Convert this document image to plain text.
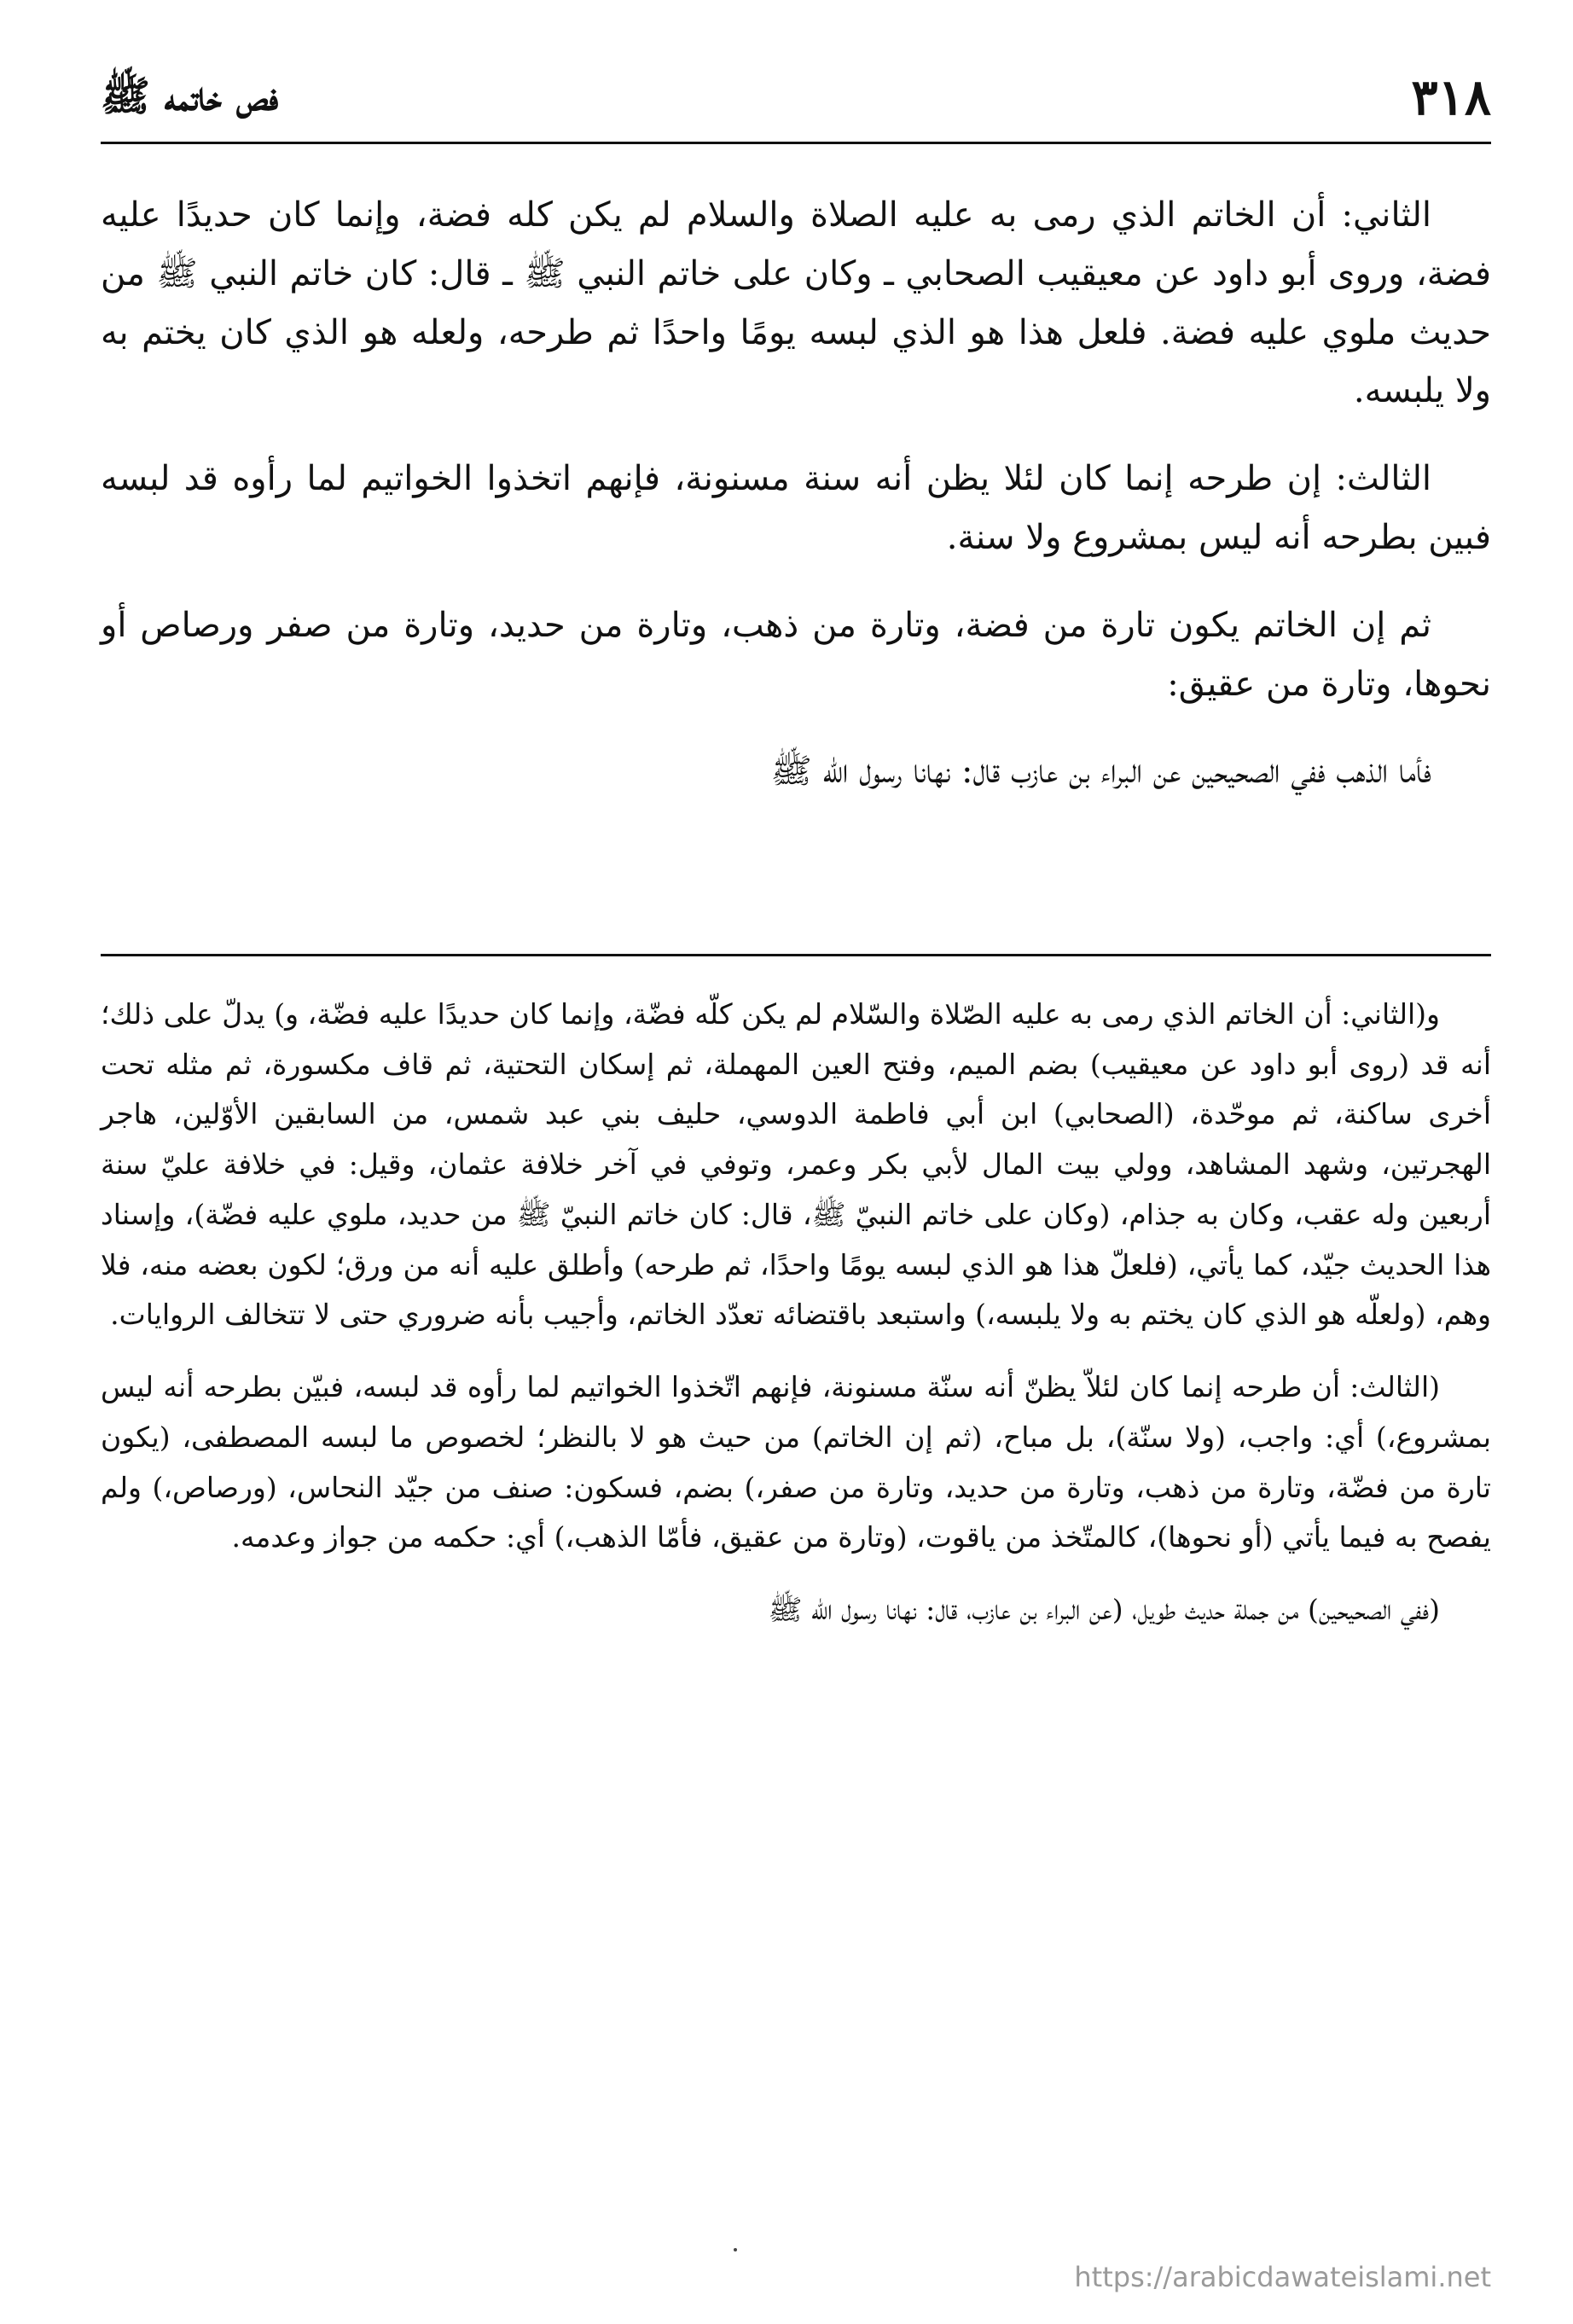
٣١٨
فص خاتمه ﷺ

الثاني: أن الخاتم الذي رمى به عليه الصلاة والسلام لم يكن كله فضة، وإنما كان حديدًا عليه فضة، وروى أبو داود عن معيقيب الصحابي ـ وكان على خاتم النبي ﷺ ـ قال: كان خاتم النبي ﷺ من حديث ملوي عليه فضة. فلعل هذا هو الذي لبسه يومًا واحدًا ثم طرحه، ولعله هو الذي كان يختم به ولا يلبسه.

الثالث: إن طرحه إنما كان لئلا يظن أنه سنة مسنونة، فإنهم اتخذوا الخواتيم لما رأوه قد لبسه فبين بطرحه أنه ليس بمشروع ولا سنة.

ثم إن الخاتم يكون تارة من فضة، وتارة من ذهب، وتارة من حديد، وتارة من صفر ورصاص أو نحوها، وتارة من عقيق:

فأما الذهب ففي الصحيحين عن البراء بن عازب قال: نهانا رسول الله ﷺ

و(الثاني: أن الخاتم الذي رمى به عليه الصّلاة والسّلام لم يكن كلّه فضّة، وإنما كان حديدًا عليه فضّة، و) يدلّ على ذلك؛ أنه قد (روى أبو داود عن معيقيب) بضم الميم، وفتح العين المهملة، ثم إسكان التحتية، ثم قاف مكسورة، ثم مثله تحت أخرى ساكنة، ثم موحّدة، (الصحابي) ابن أبي فاطمة الدوسي، حليف بني عبد شمس، من السابقين الأوّلين، هاجر الهجرتين، وشهد المشاهد، وولي بيت المال لأبي بكر وعمر، وتوفي في آخر خلافة عثمان، وقيل: في خلافة عليّ سنة أربعين وله عقب، وكان به جذام، (وكان على خاتم النبيّ ﷺ، قال: كان خاتم النبيّ ﷺ من حديد، ملوي عليه فضّة)، وإسناد هذا الحديث جيّد، كما يأتي، (فلعلّ هذا هو الذي لبسه يومًا واحدًا، ثم طرحه) وأطلق عليه أنه من ورق؛ لكون بعضه منه، فلا وهم، (ولعلّه هو الذي كان يختم به ولا يلبسه،) واستبعد باقتضائه تعدّد الخاتم، وأجيب بأنه ضروري حتى لا تتخالف الروايات.

(الثالث: أن طرحه إنما كان لئلاّ يظنّ أنه سنّة مسنونة، فإنهم اتّخذوا الخواتيم لما رأوه قد لبسه، فبيّن بطرحه أنه ليس بمشروع،) أي: واجب، (ولا سنّة)، بل مباح، (ثم إن الخاتم) من حيث هو لا بالنظر؛ لخصوص ما لبسه المصطفى، (يكون تارة من فضّة، وتارة من ذهب، وتارة من حديد، وتارة من صفر،) بضم، فسكون: صنف من جيّد النحاس، (ورصاص،) ولم يفصح به فيما يأتي (أو نحوها)، كالمتّخذ من ياقوت، (وتارة من عقيق، فأمّا الذهب،) أي: حكمه من جواز وعدمه.

(ففي الصحيحين) من جملة حديث طويل، (عن البراء بن عازب، قال: نهانا رسول الله ﷺ

https://arabicdawateislami.net
